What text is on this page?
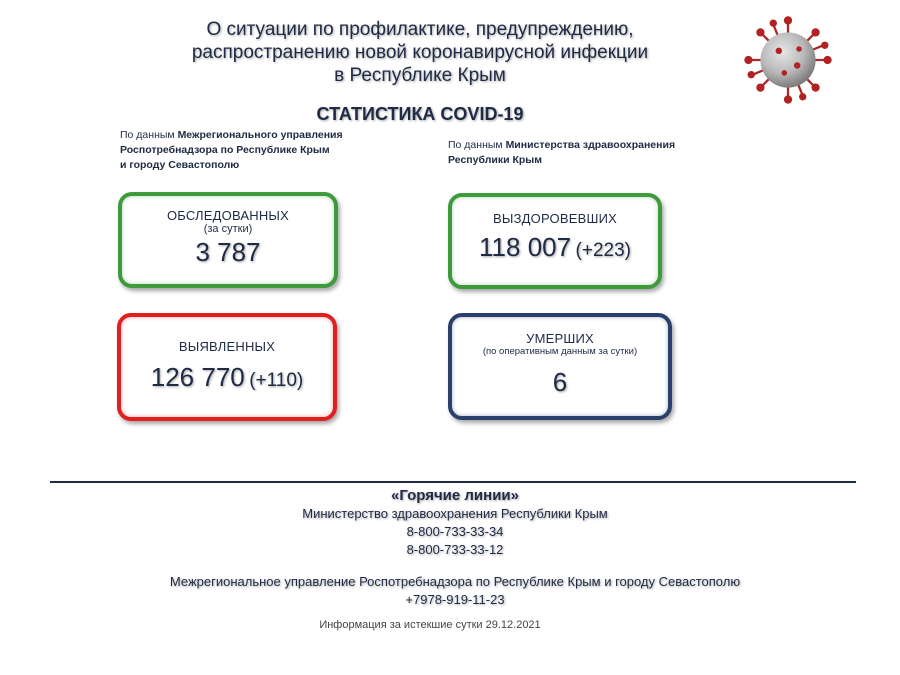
О ситуации по профилактике, предупреждению,
распространению новой коронавирусной инфекции
в Республике Крым
СТАТИСТИКА COVID-19
По данным Межрегионального управления
Роспотребнадзора по Республике Крым
и городу Севастополю
По данным Министерства здравоохранения
Республики Крым
ОБСЛЕДОВАННЫХ
(за сутки)
3 787
ВЫЗДОРОВЕВШИХ
118 007 (+223)
ВЫЯВЛЕННЫХ
126 770 (+110)
УМЕРШИХ
(по оперативным данным за сутки)
6
«Горячие линии»
Министерство здравоохранения Республики Крым
8-800-733-33-34
8-800-733-33-12
Межрегиональное управление Роспотребнадзора по Республике Крым и городу Севастополю
+7978-919-11-23
Информация за истекшие сутки 29.12.2021
